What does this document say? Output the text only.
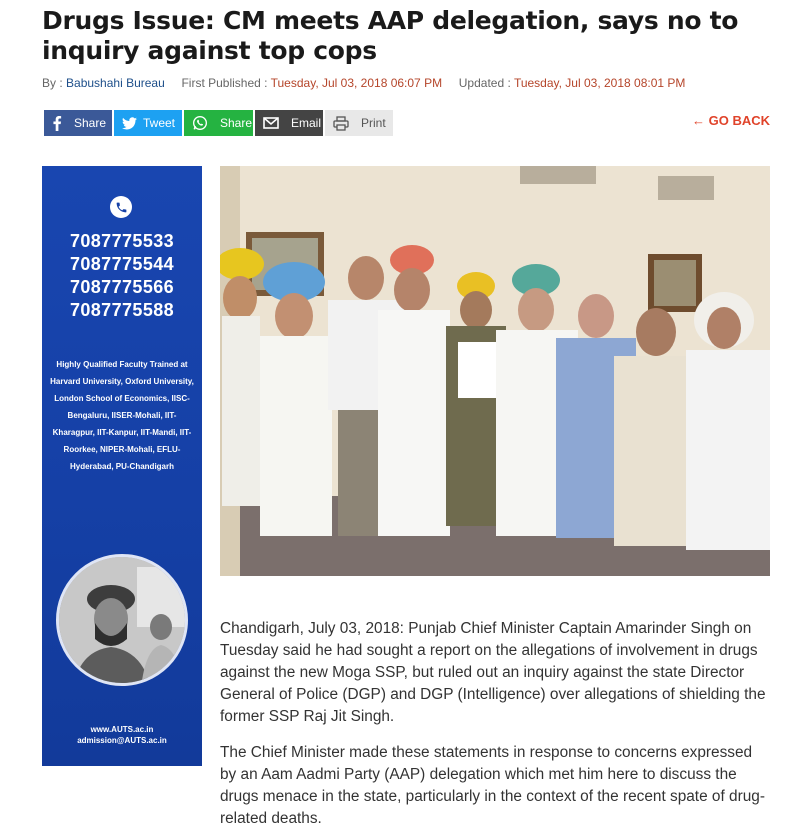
Drugs Issue: CM meets AAP delegation, says no to inquiry against top cops
By : Babushahi Bureau First Published : Tuesday, Jul 03, 2018 06:07 PM Updated : Tuesday, Jul 03, 2018 08:01 PM
Share	Tweet	Share	Email	Print	← GO BACK
7087775533
7087775544
7087775566
7087775588
Highly Qualified Faculty Trained at Harvard University, Oxford University, London School of Economics, IISC-Bengaluru, IISER-Mohali, IIT-Kharagpur, IIT-Kanpur, IIT-Mandi, IIT-Roorkee, NIPER-Mohali, EFLU- Hyderabad, PU-Chandigarh
www.AUTS.ac.in
admission@AUTS.ac.in

Chandigarh, July 03, 2018: Punjab Chief Minister Captain Amarinder Singh on Tuesday said he had sought a report on the allegations of involvement in drugs against the new Moga SSP, but ruled out an inquiry against the state Director General of Police (DGP) and DGP (Intelligence) over allegations of shielding the former SSP Raj Jit Singh.

The Chief Minister made these statements in response to concerns expressed by an Aam Aadmi Party (AAP) delegation which met him here to discuss the drugs menace in the state, particularly in the context of the recent spate of drug-related deaths.
